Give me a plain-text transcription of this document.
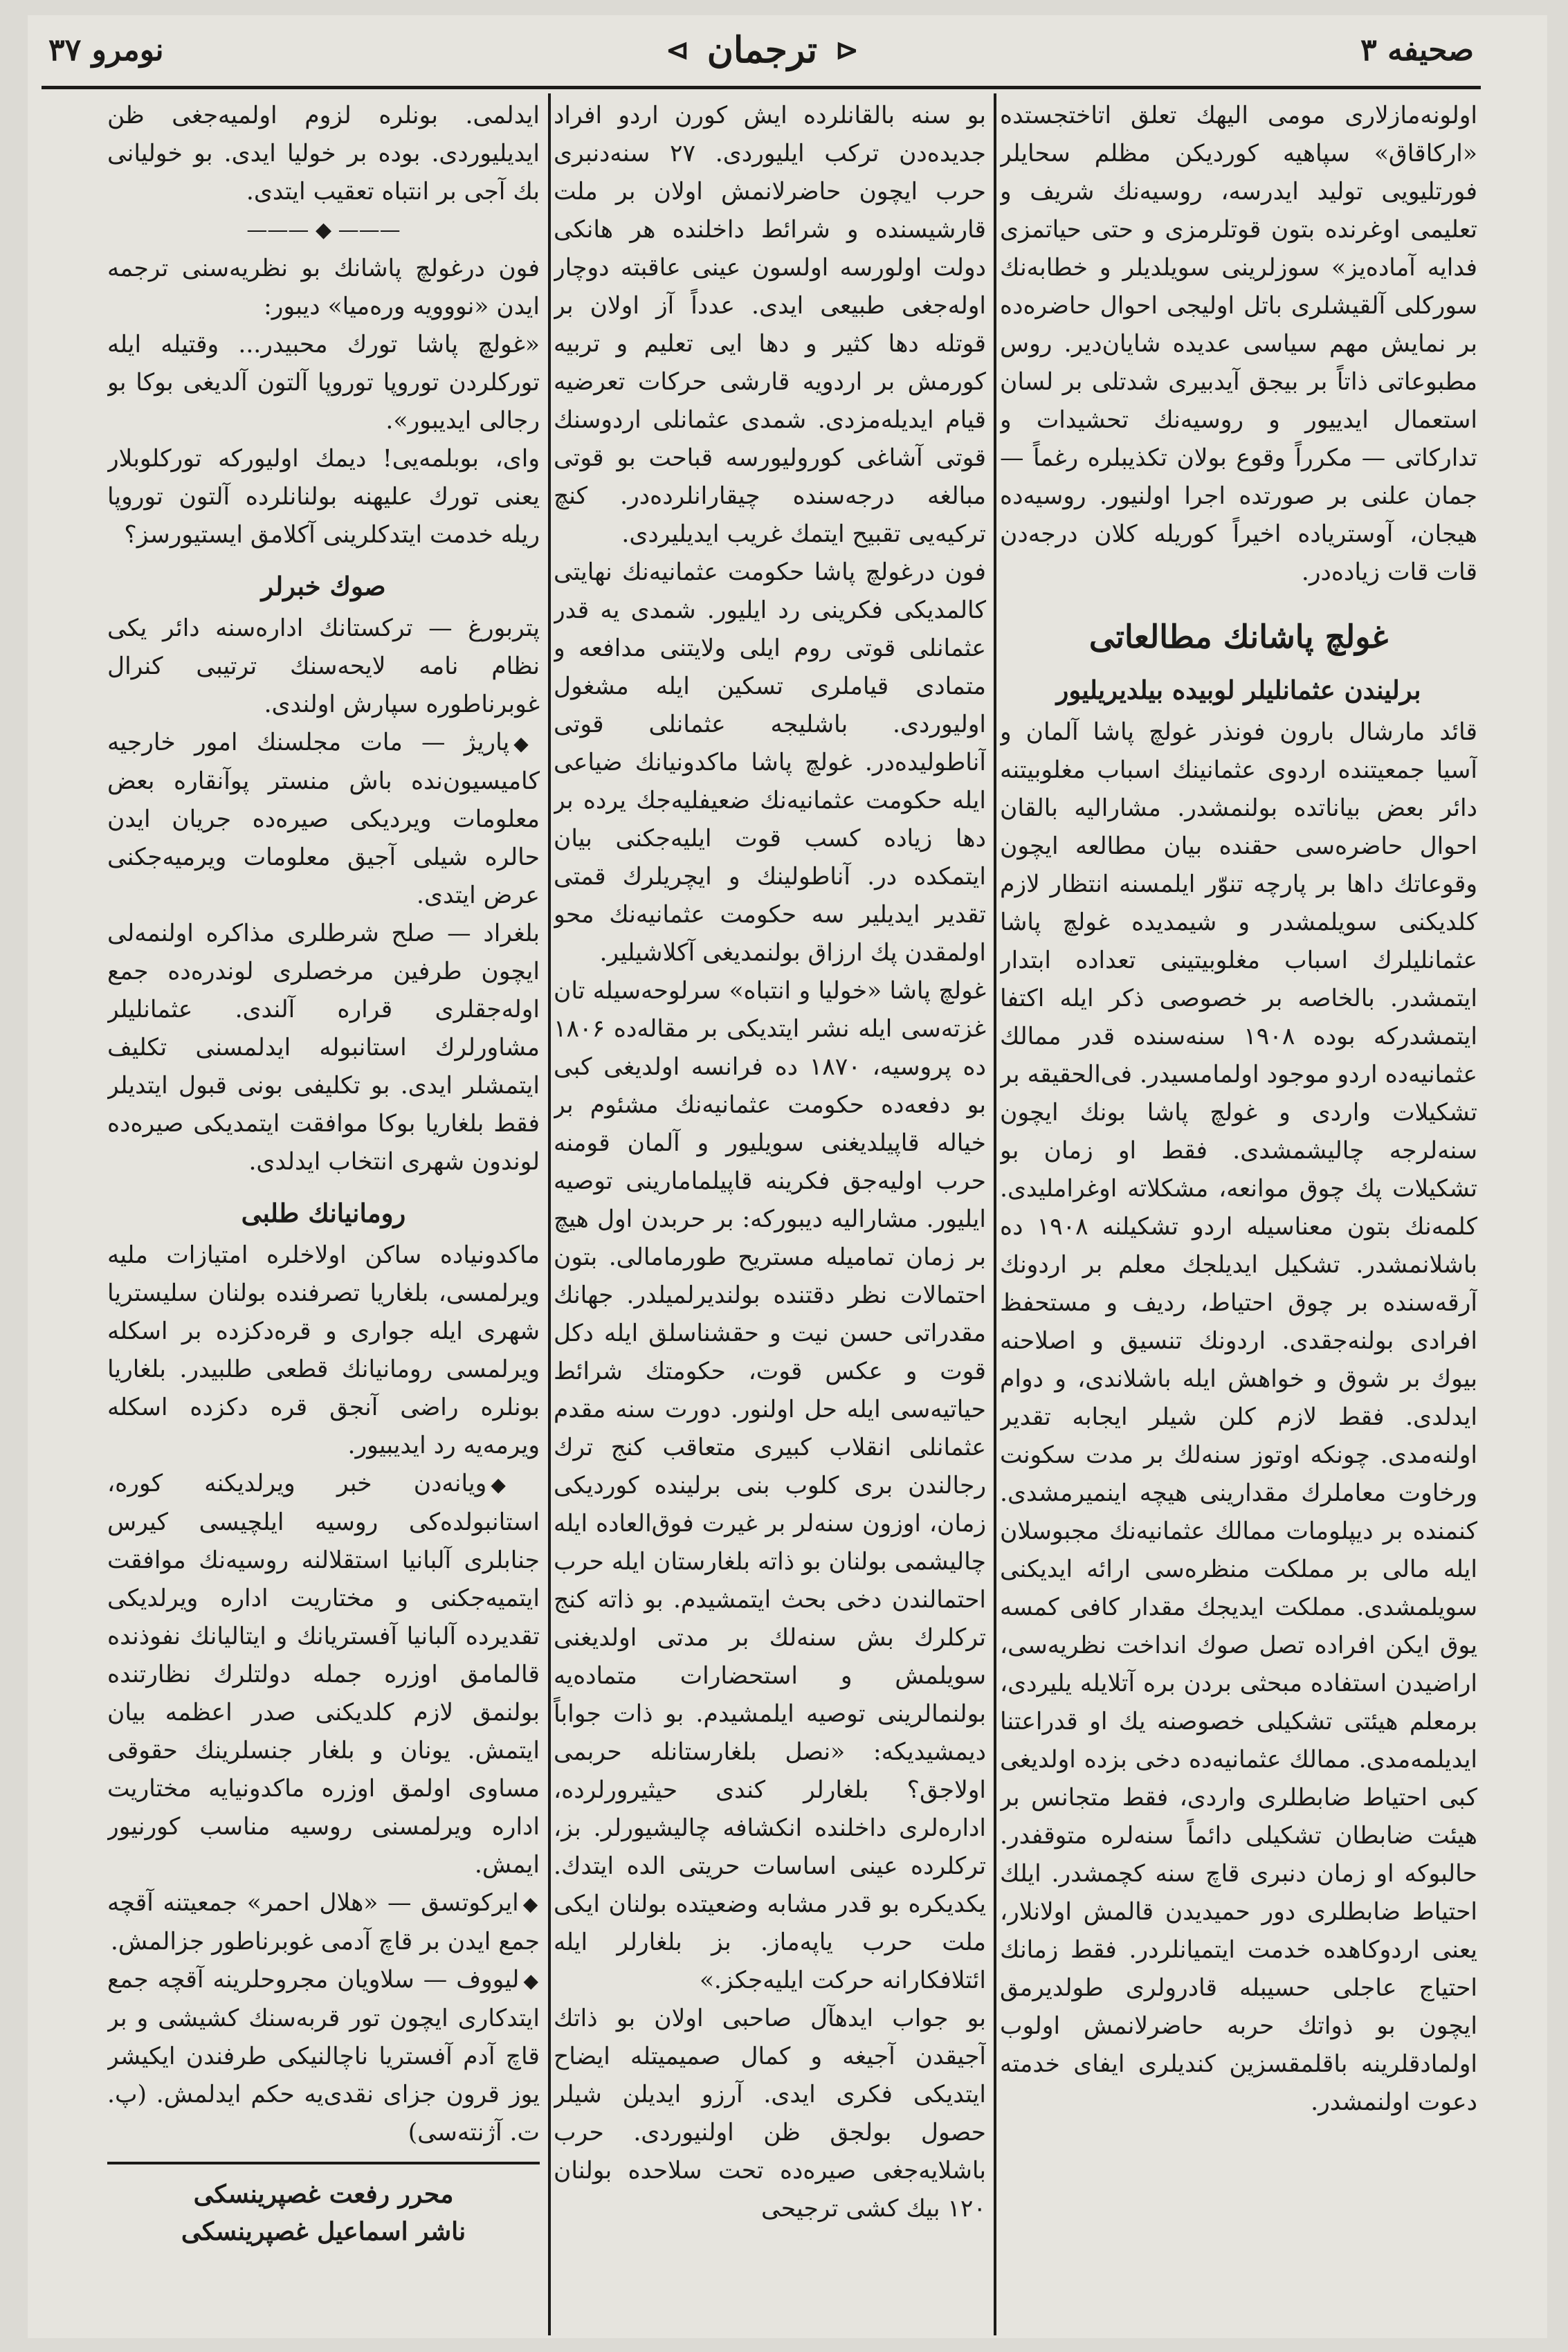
صحیفه ۳
⊲
ترجمان
⊳
نومرو ۳۷

اولونه‌مازلاری مومی الیهك تعلق اتاختجستده «ارکاقاق» سپاهیه کوردیکن مظلم سحایلر فورتلیویی تولید ایدرسه، روسیه‌نك شریف و تعلیمی اوغرنده بتون قوتلرمزی و حتی حیاتمزی فدایه آماده‌یز» سوزلرینی سویلدیلر و خطابه‌نك سورکلی آلقیشلری باتل اولیجی احوال حاضره‌ده بر نمایش مهم سیاسی عدیده شایان‌دیر. روس مطبوعاتی ذاتاً بر بیجق آیدبیری شدتلی بر لسان استعمال ایدییور و روسیه‌نك تحشیدات و تدارکاتی — مکرراً وقوع بولان تکذیبلره رغماً — جمان علنی بر صورتده اجرا اولنیور. روسیه‌ده هیجان، آوستریاده اخیراً کوریله کلان درجه‌دن قات قات زیاده‌در.

غولچ پاشانك مطالعاتی
برلیندن عثمانلیلر لوبیده بیلدیریلیور

قائد مارشال بارون فونذر غولچ پاشا آلمان و آسیا جمعیتنده اردوی عثمانینك اسباب مغلوبیتنه دائر بعض بیاناتده بولنمشدر. مشارالیه بالقان احوال حاضره‌سی حقنده بیان مطالعه ایچون وقوعاتك داها بر پارچه تنوّر ایلمسنه انتظار لازم کلدیکنی سویلمشدر و شیمدیده غولچ پاشا عثمانلیلرك اسباب مغلوبیتینی تعداده ابتدار ایتمشدر. بالخاصه بر خصوصی ذکر ایله اکتفا ایتمشدرکه بوده ۱۹۰۸ سنه‌سنده قدر ممالك عثمانیه‌ده اردو موجود اولمامسیدر. فی‌الحقیقه بر تشکیلات واردی و غولچ پاشا بونك ایچون سنه‌لرجه چالیشمشدی. فقط او زمان بو تشکیلات پك چوق موانعه، مشکلاته اوغراملیدی. کلمه‌نك بتون معناسیله اردو تشکیلنه ۱۹۰۸ ده باشلانمشدر. تشکیل ایدیلجك معلم بر اردونك آرقه‌سنده بر چوق احتیاط، ردیف و مستحفظ افرادی بولنه‌جقدی. اردونك تنسیق و اصلاحنه بیوك بر شوق و خواهش ایله باشلاندی، و دوام ایدلدی. فقط لازم کلن شیلر ایجابه تقدیر اولنه‌مدی. چونکه اوتوز سنه‌لك بر مدت سکونت ورخاوت معاملرك مقدارینی هیچه اینمیرمشدی. کنمنده بر دیپلومات ممالك عثمانیه‌نك مجبوسلان ایله مالی بر مملکت منظره‌سی ارائه ایدیکنی سویلمشدی. مملکت ایدیجك مقدار کافی کمسه یوق ایکن افراده تصل صوك انداخت نظریه‌سی، اراضیدن استفاده مبحثی بردن بره آتلایله یلیردی، برمعلم هیئتی تشکیلی خصوصنه یك او قدراعتنا ایدیلمه‌مدی. ممالك عثمانیه‌ده دخی بزده اولدیغی کبی احتیاط ضابطلری واردی، فقط متجانس بر هیئت ضابطان تشکیلی دائماً سنه‌لره متوقفدر. حالبوکه او زمان دنبری قاچ سنه کچمشدر. ایلك احتیاط ضابطلری دور حمیدیدن قالمش اولانلار، یعنی اردوکاهده خدمت ایتمیانلردر. فقط زمانك احتیاج عاجلی حسیبله قادرولری طولدیرمق ایچون بو ذواتك حربه حاضرلانمش اولوب اولمادقلرینه باقلمقسزین کندیلری ایفای خدمته دعوت اولنمشدر.

بو سنه بالقانلرده ایش کورن اردو افراد جدیده‌دن ترکب ایلیوردی. ۲۷ سنه‌دنبری حرب ایچون حاضرلانمش اولان بر ملت قارشیسنده و شرائط داخلنده هر هانکی دولت اولورسه اولسون عینی عاقبته دوچار اوله‌جغی طبیعی ایدی. عدداً آز اولان بر قوتله دها کثیر و دها ایی تعلیم و تربیه کورمش بر اردویه قارشی حرکات تعرضیه قیام ایدیله‌مزدی. شمدی عثمانلی اردوسنك قوتی آشاغی کورولیورسه قباحت بو قوتی مبالغه درجه‌سنده چیقارانلرده‌در. کنچ ترکیه‌یی تقبیح ایتمك غریب ایدیلیردی.

فون درغولچ پاشا حکومت عثمانیه‌نك نهایتی کالمدیکی فکرینی رد ایلیور. شمدی یه قدر عثمانلی قوتی روم ایلی ولایتنی مدافعه و متمادی قیاملری تسکین ایله مشغول اولیوردی. باشلیجه عثمانلی قوتی آناطولیده‌در. غولچ پاشا ماکدونیانك ضیاعی ایله حکومت عثمانیه‌نك ضعیفلیه‌جك یرده بر دها زیاده کسب قوت ایلیه‌جکنی بیان ایتمکده در. آناطولینك و ایچریلرك قمتی تقدیر ایدیلیر سه حکومت عثمانیه‌نك محو اولمقدن پك ارزاق بولنمدیغی آکلاشیلیر.

غولچ پاشا «خولیا و انتباه» سرلوحه‌سیله تان غزته‌سی ایله نشر ایتدیکی بر مقاله‌ده ۱۸۰۶ ده پروسیه، ۱۸۷۰ ده فرانسه اولدیغی کبی بو دفعه‌ده حکومت عثمانیه‌نك مشئوم بر خیاله قاپیلدیغنی سویلیور و آلمان قومنه حرب اولیه‌جق فکرینه قاپیلمامارینی توصیه ایلیور. مشارالیه دیبورکه: بر حربدن اول هیچ بر زمان تمامیله مستریح طورمامالی. بتون احتمالات نظر دقتنده بولندیرلمیلدر. جهانك مقدراتی حسن نیت و حقشناسلق ایله دکل قوت و عکس قوت، حکومتك شرائط حیاتیه‌سی ایله حل اولنور. دورت سنه مقدم عثمانلی انقلاب کبیری متعاقب کنج ترك رجالندن بری کلوب بنی برلینده کوردیکی زمان، اوزون سنه‌لر بر غیرت فوق‌العاده ایله چالیشمی بولنان بو ذاته بلغارستان ایله حرب احتمالندن دخی بحث ایتمشیدم. بو ذاته کنج ترکلرك بش سنه‌لك بر مدتی اولدیغنی سویلمش و استحضارات متماده‌یه بولنمالرینی توصیه ایلمشیدم. بو ذات جواباً دیمشیدیکه: «نصل بلغارستانله حربمی اولاجق؟ بلغارلر کندی حیثیرورلرده، اداره‌لری داخلنده انکشافه چالیشیورلر. بز، ترکلرده عینی اساسات حریتی الده ایتدك. یکدیکره بو قدر مشابه وضعیتده بولنان ایکی ملت حرب یاپه‌ماز. بز بلغارلر ایله ائتلافکارانه حرکت ایلیه‌جکز.»

بو جواب ایدهآل صاحبی اولان بو ذاتك آجیقدن آجیغه و کمال صمیمیتله ایضاح ایتدیکی فکری ایدی. آرزو ایدیلن شیلر حصول بولجق ظن اولنیوردی. حرب باشلایه‌جغی صیره‌ده تحت سلاحده بولنان ۱۲۰ بیك کشی ترجیحی

ایدلمی. بونلره لزوم اولمیه‌جغی ظن ایدیلیوردی. بوده بر خولیا ایدی. بو خولیانی بك آجی بر انتباه تعقیب ایتدی.

——— ◆ ———

فون درغولچ پاشانك بو نظریه‌سنی ترجمه ایدن «نووویه وره‌میا» دیبور:

«غولچ پاشا تورك محبیدر... وقتیله ایله تورکلردن توروپا توروپا آلتون آلدیغی بوکا بو رجالی ایدیبور».

وای، بوبلمه‌یی! دیمك اولیورکه تورکلوبلار یعنی تورك علیهنه بولنانلرده آلتون توروپا ریله خدمت ایتدکلرینی آکلامق ایستیورسز؟

صوك خبرلر

پتربورغ — ترکستانك اداره‌سنه دائر یکی نظام نامه لایحه‌سنك ترتیبی کنرال غوبرناطوره سپارش اولندی.

◆پاریژ — مات مجلسنك امور خارجیه کامیسیون‌نده باش منستر پوآنقاره بعض معلومات ویردیکی صیره‌ده جریان ایدن حالره شیلی آجیق معلومات ویرمیه‌جکنی عرض ایتدی.

بلغراد — صلح شرطلری مذاکره اولنمه‌لی ایچون طرفین مرخصلری لوندره‌ده جمع اوله‌جقلری قراره آلندی. عثمانلیلر مشاورلرك استانبوله ایدلمسنی تکلیف ایتمشلر ایدی. بو تکلیفی بونی قبول ایتدیلر فقط بلغاریا بوکا موافقت ایتمدیکی صیره‌ده لوندون شهری انتخاب ایدلدی.

رومانیانك طلبی

ماکدونیاده ساکن اولاخلره امتیازات ملیه ویرلمسی، بلغاریا تصرفنده بولنان سلیستریا شهری ایله جواری و قره‌دکزده بر اسکله ویرلمسی رومانیانك قطعی طلبیدر. بلغاریا بونلره راضی آنجق قره دکزده اسکله ویرمه‌یه رد ایدیبیور.

◆ویانه‌دن خبر ویرلدیکنه کوره، استانبولده‌کی روسیه ایلچیسی کیرس جنابلری آلبانیا استقلالنه روسیه‌نك موافقت ایتمیه‌جکنی و مختاریت اداره ویرلدیکی تقدیرده آلبانیا آفستریانك و ایتالیانك نفوذنده قالمامق اوزره جمله دولتلرك نظارتنده بولنمق لازم کلدیکنی صدر اعظمه بیان ایتمش. یونان و بلغار جنسلرینك حقوقی مساوی اولمق اوزره ماکدونیایه مختاریت اداره ویرلمسنی روسیه مناسب کورنیور ایمش.

◆ایرکوتسق — «هلال احمر» جمعیتنه آقچه جمع ایدن بر قاچ آدمی غوبرناطور جزالمش.

◆لیووف — سلاویان مجروحلرینه آقچه جمع ایتدکاری ایچون تور قربه‌سنك کشیشی و بر قاچ آدم آفستریا ناچالنیکی طرفندن ایکیشر یوز قرون جزای نقدی‌یه حکم ایدلمش. (پ. ت. آژنته‌سی)

محرر رفعت غصپرینسکی
ناشر اسماعیل غصپرینسکی
